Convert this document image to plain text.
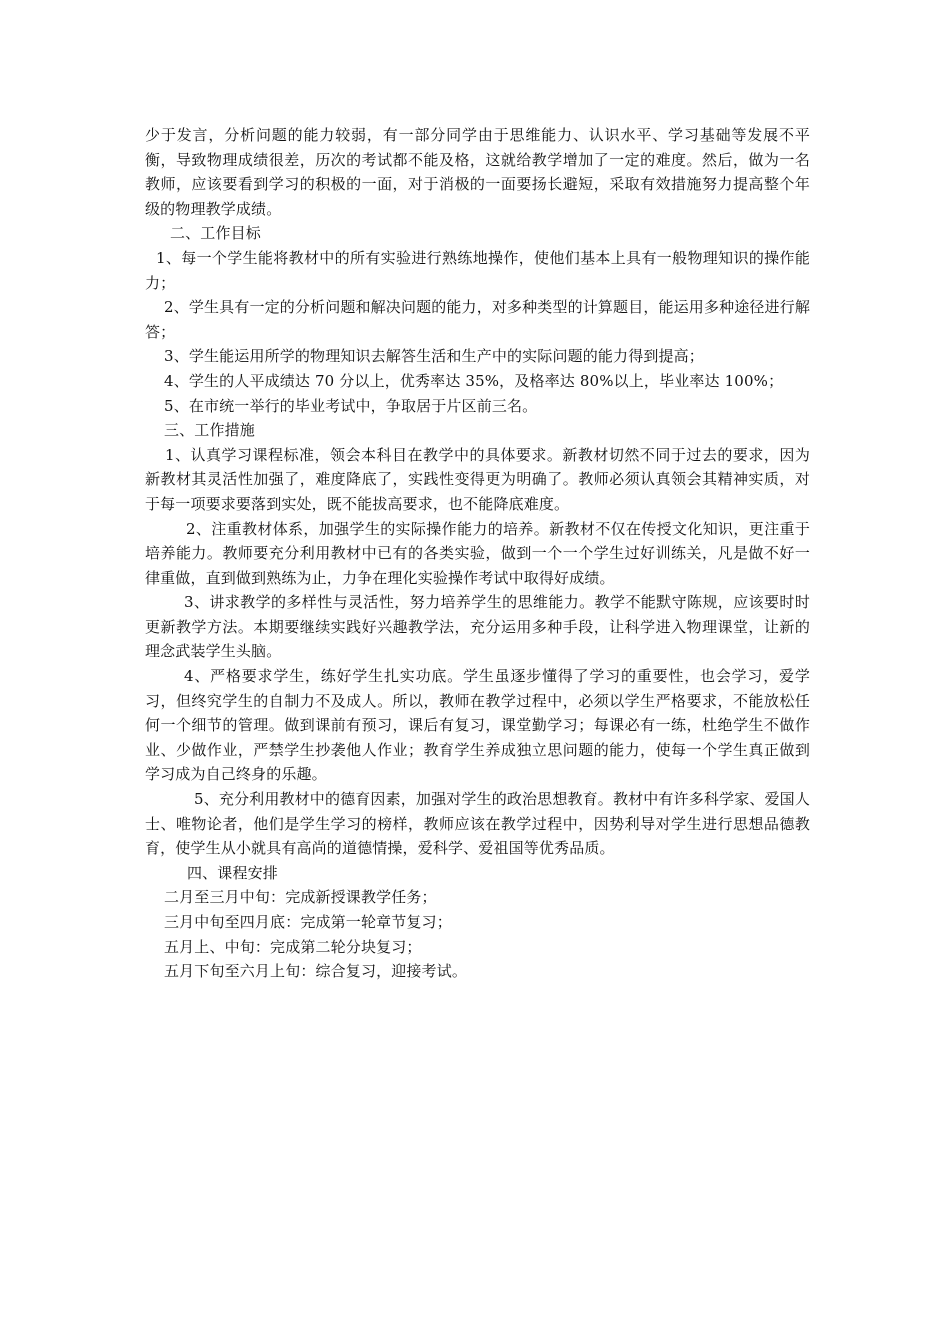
少于发言，分析问题的能力较弱，有一部分同学由于思维能力、认识水平、学习基础等发展不平衡，导致物理成绩很差，历次的考试都不能及格，这就给教学增加了一定的难度。然后，做为一名教师，应该要看到学习的积极的一面，对于消极的一面要扬长避短，采取有效措施努力提高整个年级的物理教学成绩。

二、工作目标

1、每一个学生能将教材中的所有实验进行熟练地操作，使他们基本上具有一般物理知识的操作能力；

2、学生具有一定的分析问题和解决问题的能力，对多种类型的计算题目，能运用多种途径进行解答；

3、学生能运用所学的物理知识去解答生活和生产中的实际问题的能力得到提高；

4、学生的人平成绩达 70 分以上，优秀率达 35%，及格率达 80%以上，毕业率达 100%；

5、在市统一举行的毕业考试中，争取居于片区前三名。

三、工作措施

1、认真学习课程标准，领会本科目在教学中的具体要求。新教材切然不同于过去的要求，因为新教材其灵活性加强了，难度降底了，实践性变得更为明确了。教师必须认真领会其精神实质，对于每一项要求要落到实处，既不能拔高要求，也不能降底难度。

2、注重教材体系，加强学生的实际操作能力的培养。新教材不仅在传授文化知识，更注重于培养能力。教师要充分利用教材中已有的各类实验，做到一个一个学生过好训练关，凡是做不好一律重做，直到做到熟练为止，力争在理化实验操作考试中取得好成绩。

3、讲求教学的多样性与灵活性，努力培养学生的思维能力。教学不能默守陈规，应该要时时更新教学方法。本期要继续实践好兴趣教学法，充分运用多种手段，让科学进入物理课堂，让新的理念武装学生头脑。

4、严格要求学生，练好学生扎实功底。学生虽逐步懂得了学习的重要性，也会学习，爱学习，但终究学生的自制力不及成人。所以，教师在教学过程中，必须以学生严格要求，不能放松任何一个细节的管理。做到课前有预习，课后有复习，课堂勤学习；每课必有一练，杜绝学生不做作业、少做作业，严禁学生抄袭他人作业；教育学生养成独立思问题的能力，使每一个学生真正做到学习成为自己终身的乐趣。

5、充分利用教材中的德育因素，加强对学生的政治思想教育。教材中有许多科学家、爱国人士、唯物论者，他们是学生学习的榜样，教师应该在教学过程中，因势利导对学生进行思想品德教育，使学生从小就具有高尚的道德情操，爱科学、爱祖国等优秀品质。

四、课程安排

二月至三月中旬：完成新授课教学任务；

三月中旬至四月底：完成第一轮章节复习；

五月上、中旬：完成第二轮分块复习；

五月下旬至六月上旬：综合复习，迎接考试。
